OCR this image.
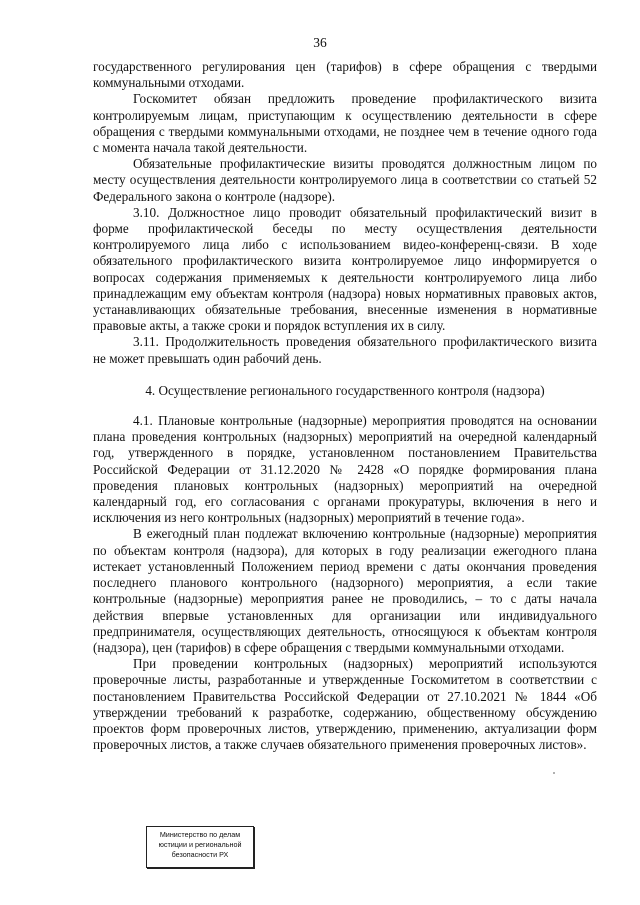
36

государственного регулирования цен (тарифов) в сфере обращения с твердыми коммунальными отходами.

Госкомитет обязан предложить проведение профилактического визита контролируемым лицам, приступающим к осуществлению деятельности в сфере обращения с твердыми коммунальными отходами, не позднее чем в течение одного года с момента начала такой деятельности.

Обязательные профилактические визиты проводятся должностным лицом по месту осуществления деятельности контролируемого лица в соответствии со статьей 52 Федерального закона о контроле (надзоре).

3.10. Должностное лицо проводит обязательный профилактический визит в форме профилактической беседы по месту осуществления деятельности контролируемого лица либо с использованием видео-конференц-связи. В ходе обязательного профилактического визита контролируемое лицо информируется о вопросах содержания применяемых к деятельности контролируемого лица либо принадлежащим ему объектам контроля (надзора) новых нормативных правовых актов, устанавливающих обязательные требования, внесенные изменения в нормативные правовые акты, а также сроки и порядок вступления их в силу.

3.11. Продолжительность проведения обязательного профилактического визита не может превышать один рабочий день.

4. Осуществление регионального государственного контроля (надзора)

4.1. Плановые контрольные (надзорные) мероприятия проводятся на основании плана проведения контрольных (надзорных) мероприятий на очередной календарный год, утвержденного в порядке, установленном постановлением Правительства Российской Федерации от 31.12.2020 № 2428 «О порядке формирования плана проведения плановых контрольных (надзорных) мероприятий на очередной календарный год, его согласования с органами прокуратуры, включения в него и исключения из него контрольных (надзорных) мероприятий в течение года».

В ежегодный план подлежат включению контрольные (надзорные) мероприятия по объектам контроля (надзора), для которых в году реализации ежегодного плана истекает установленный Положением период времени с даты окончания проведения последнего планового контрольного (надзорного) мероприятия, а если такие контрольные (надзорные) мероприятия ранее не проводились, – то с даты начала действия впервые установленных для организации или индивидуального предпринимателя, осуществляющих деятельность, относящуюся к объектам контроля (надзора), цен (тарифов) в сфере обращения с твердыми коммунальными отходами.

При проведении контрольных (надзорных) мероприятий используются проверочные листы, разработанные и утвержденные Госкомитетом в соответствии с постановлением Правительства Российской Федерации от 27.10.2021 № 1844 «Об утверждении требований к разработке, содержанию, общественному обсуждению проектов форм проверочных листов, утверждению, применению, актуализации форм проверочных листов, а также случаев обязательного применения проверочных листов».

Министерство по делам
юстиции и региональной
безопасности РХ
